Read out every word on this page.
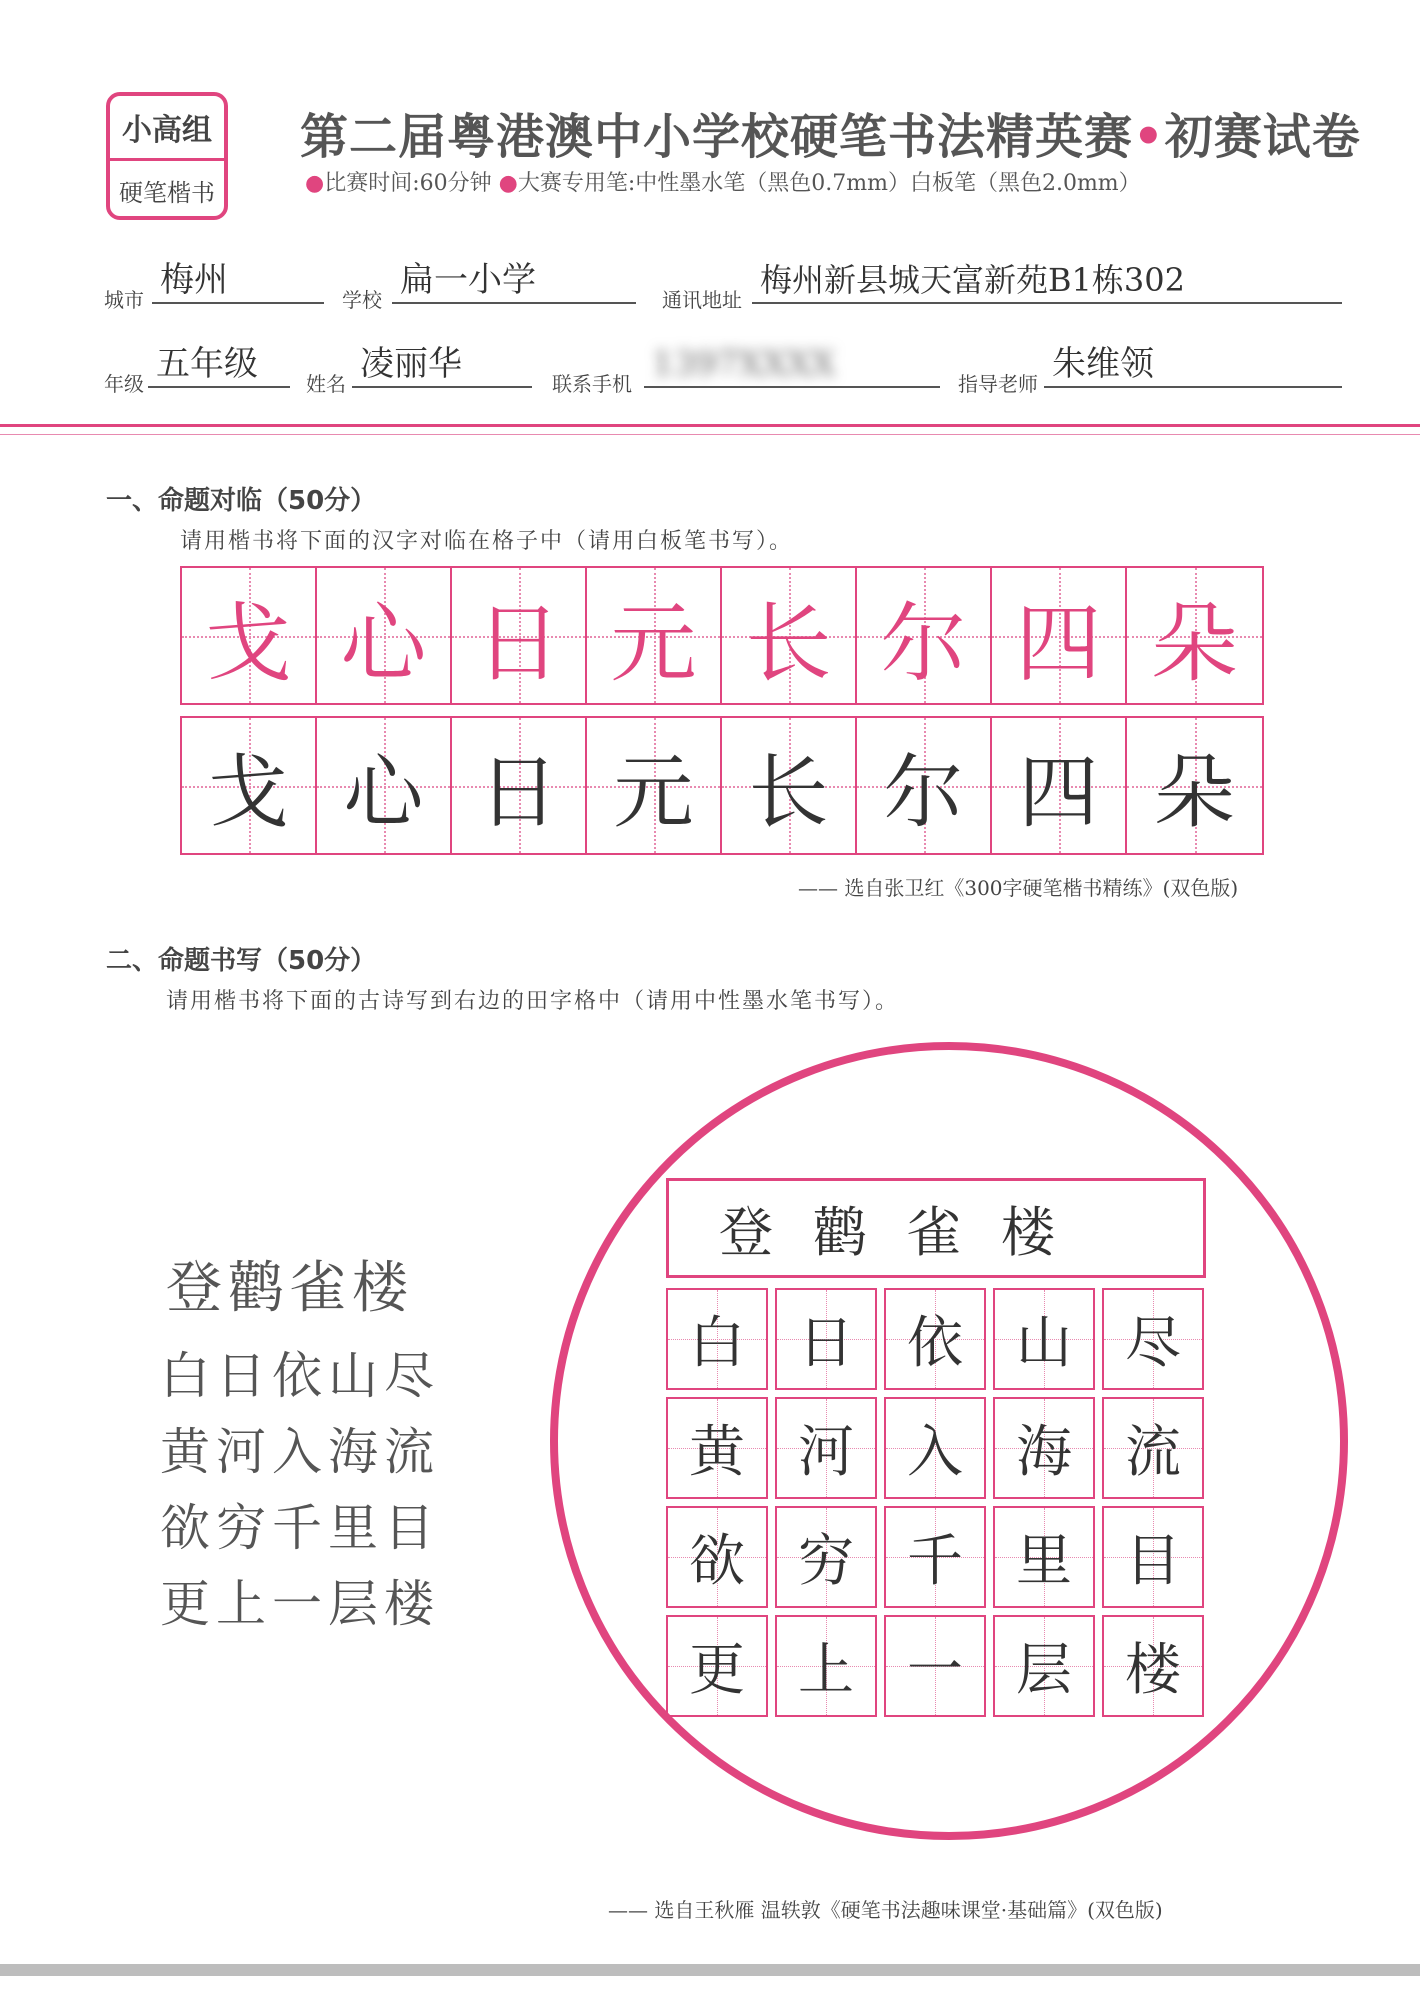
小高组
硬笔楷书
第二届粤港澳中小学校硬笔书法精英赛•初赛试卷
●比赛时间:60分钟 ●大赛专用笔:中性墨水笔（黑色0.7mm）白板笔（黑色2.0mm）
城市 梅州	学校 扁一小学	通讯地址
梅州新县城天富新苑B1栋302
年级 五年级	姓名 凌丽华	联系手机 1397XXXX	指导老师 朱维领
一、命题对临（50分）
请用楷书将下面的汉字对临在格子中（请用白板笔书写）。
戈 心 日 元 长 尔 四 朵
戈 心 日 元 长 尔 四 朵
—— 选自张卫红《300字硬笔楷书精练》(双色版)
二、命题书写（50分）
请用楷书将下面的古诗写到右边的田字格中（请用中性墨水笔书写）。
登鹳雀楼
白日依山尽
黄河入海流
欲穷千里目
更上一层楼
登鹳雀楼
白 日 依 山 尽
黄 河 入 海 流
欲 穷 千 里 目
更 上 一 层 楼
—— 选自王秋雁 温轶敦《硬笔书法趣味课堂·基础篇》(双色版)
